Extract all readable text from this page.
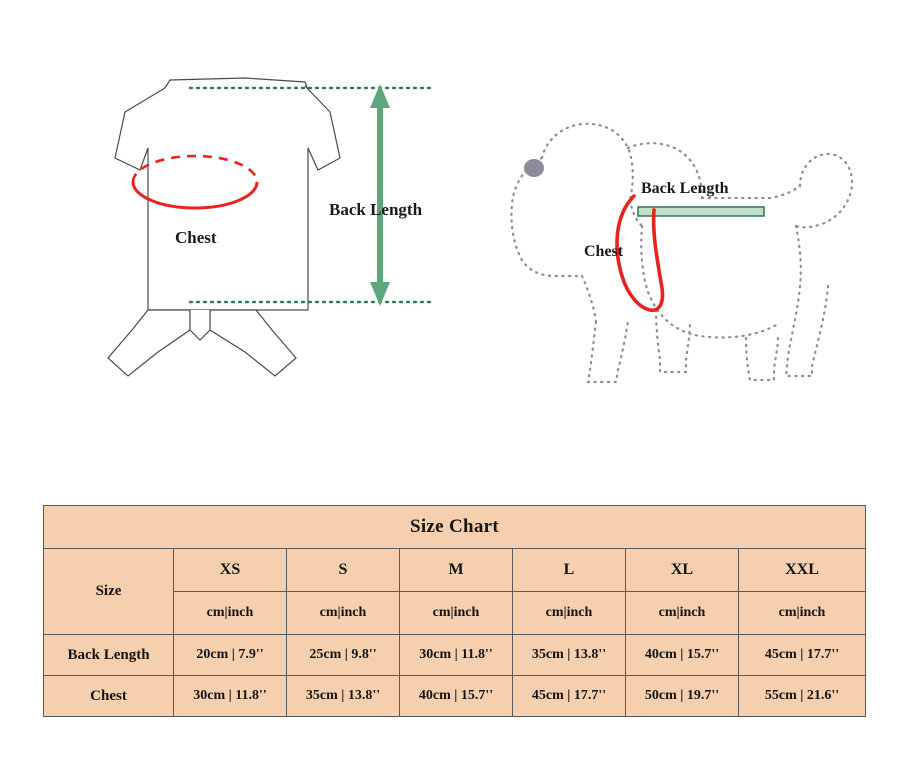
Chest
Back Length
Chest
Back Length
Size Chart						
Size	XS	S	M	L	XL	XXL
	cm|inch	cm|inch	cm|inch	cm|inch	cm|inch	cm|inch
Back Length	20cm | 7.9''	25cm | 9.8''	30cm | 11.8''	35cm | 13.8''	40cm | 15.7''	45cm | 17.7''
Chest	30cm | 11.8''	35cm | 13.8''	40cm | 15.7''	45cm | 17.7''	50cm | 19.7''	55cm | 21.6''
